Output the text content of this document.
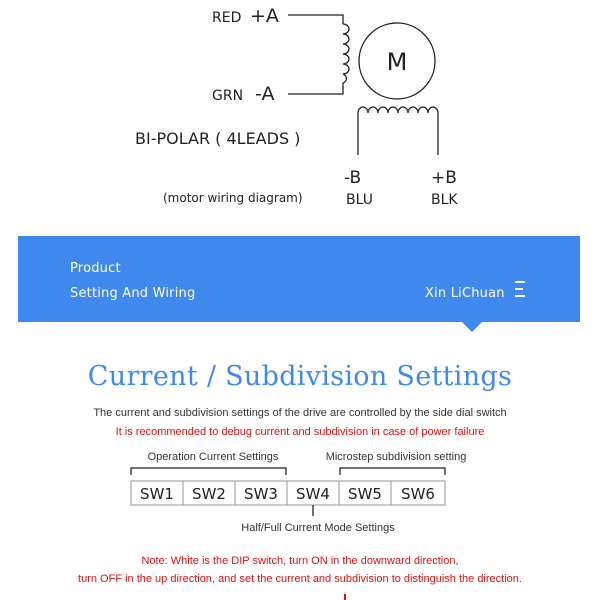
RED +A
GRN -A
M
BI-POLAR ( 4LEADS )
-B	+B
(motor wiring diagram)	BLU	BLK
Product
Setting And Wiring	Xin LiChuan
Current / Subdivision Settings
The current and subdivision settings of the drive are controlled by the side dial switch
It is recommended to debug current and subdivision in case of power failure
Operation Current Settings	Microstep subdivision setting
SW1 SW2 SW3 SW4 SW5 SW6
Half/Full Current Mode Settings
Note: White is the DIP switch, turn ON in the downward direction,
turn OFF in the up direction, and set the current and subdivision to distinguish the direction.
